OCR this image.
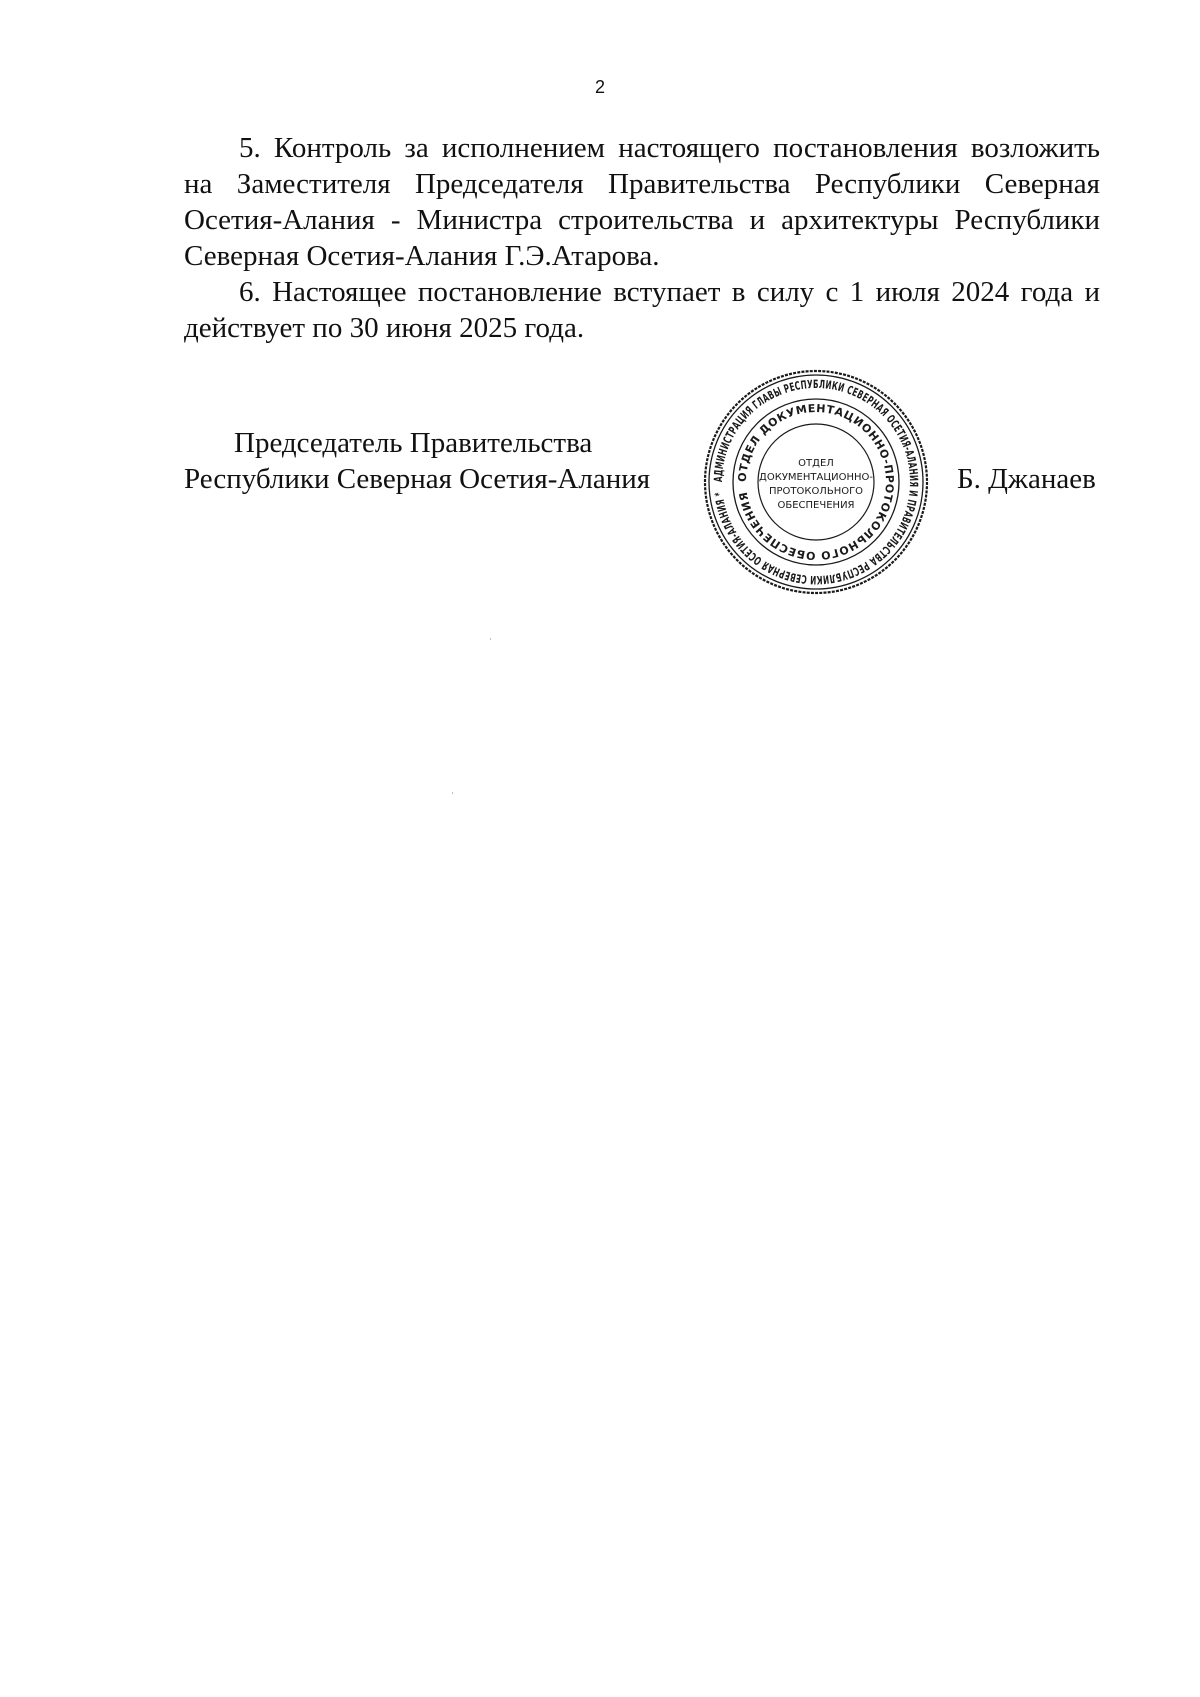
2

5. Контроль за исполнением настоящего постановления возложить на Заместителя Председателя Правительства Республики Северная Осетия-Алания - Министра строительства и архитектуры Республики Северная Осетия-Алания Г.Э.Атарова.

6. Настоящее постановление вступает в силу с 1 июля 2024 года и действует по 30 июня 2025 года.

Председатель Правительства
Республики Северная Осетия-Алания	Б. Джанаев
АДМИНИСТРАЦИЯ ГЛАВЫ РЕСПУБЛИКИ СЕВЕРНАЯ ОСЕТИЯ-АЛАНИЯ И ПРАВИТЕЛЬСТВА РЕСПУБЛИКИ СЕВЕРНАЯ ОСЕТИЯ-АЛАНИЯ *
ОТДЕЛ ДОКУМЕНТАЦИОННО-ПРОТОКОЛЬНОГО ОБЕСПЕЧЕНИЯ
ОТДЕЛ
ДОКУМЕНТАЦИОННО-
ПРОТОКОЛЬНОГО
ОБЕСПЕЧЕНИЯ
